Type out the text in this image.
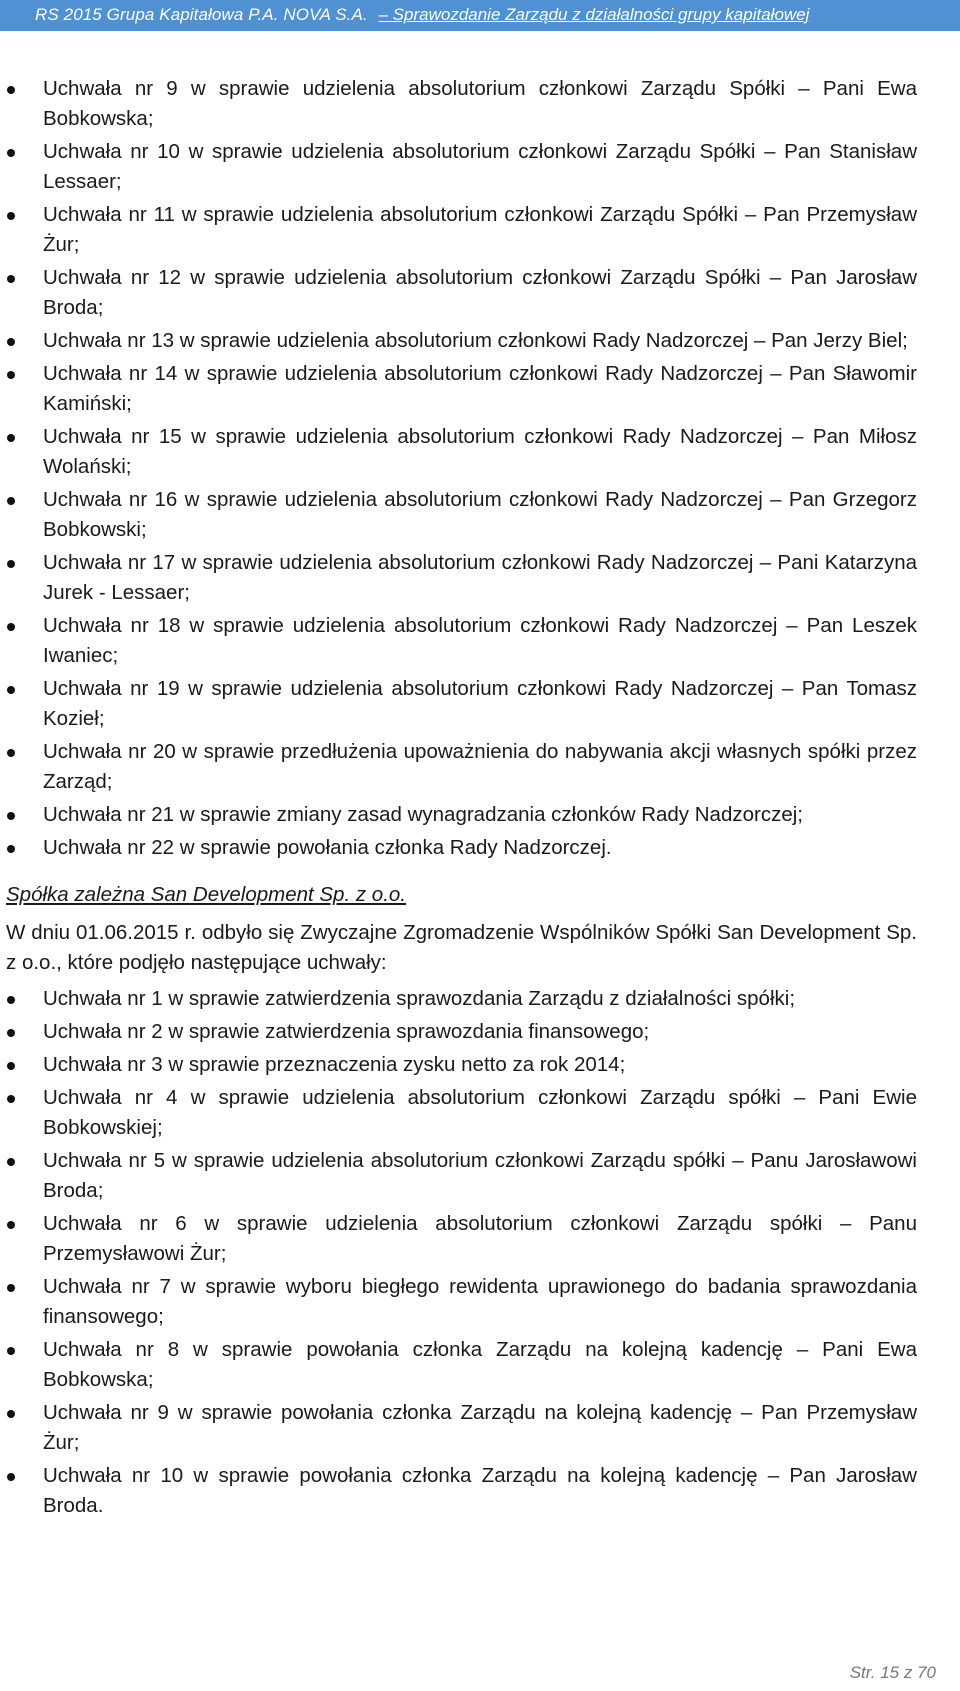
RS 2015 Grupa Kapitałowa P.A. NOVA S.A. – Sprawozdanie Zarządu z działalności grupy kapitałowej
Uchwała nr 9 w sprawie udzielenia absolutorium członkowi Zarządu Spółki – Pani Ewa Bobkowska;
Uchwała nr 10 w sprawie udzielenia absolutorium członkowi Zarządu Spółki – Pan Stanisław Lessaer;
Uchwała nr 11 w sprawie udzielenia absolutorium członkowi Zarządu Spółki – Pan Przemysław Żur;
Uchwała nr 12 w sprawie udzielenia absolutorium członkowi Zarządu Spółki – Pan Jarosław Broda;
Uchwała nr 13 w sprawie udzielenia absolutorium członkowi Rady Nadzorczej – Pan Jerzy Biel;
Uchwała nr 14 w sprawie udzielenia absolutorium członkowi Rady Nadzorczej – Pan Sławomir Kamiński;
Uchwała nr 15 w sprawie udzielenia absolutorium członkowi Rady Nadzorczej – Pan Miłosz Wolański;
Uchwała nr 16 w sprawie udzielenia absolutorium członkowi Rady Nadzorczej – Pan Grzegorz Bobkowski;
Uchwała nr 17 w sprawie udzielenia absolutorium członkowi Rady Nadzorczej – Pani Katarzyna Jurek - Lessaer;
Uchwała nr 18 w sprawie udzielenia absolutorium członkowi Rady Nadzorczej – Pan Leszek Iwaniec;
Uchwała nr 19 w sprawie udzielenia absolutorium członkowi Rady Nadzorczej – Pan Tomasz Kozieł;
Uchwała nr 20 w sprawie przedłużenia upoważnienia do nabywania akcji własnych spółki przez Zarząd;
Uchwała nr 21 w sprawie zmiany zasad wynagradzania członków Rady Nadzorczej;
Uchwała nr 22 w sprawie powołania członka Rady Nadzorczej.
Spółka zależna San Development Sp. z o.o.
W dniu 01.06.2015 r. odbyło się Zwyczajne Zgromadzenie Wspólników Spółki San Development Sp. z o.o., które podjęło następujące uchwały:
Uchwała nr 1 w sprawie zatwierdzenia sprawozdania Zarządu z działalności spółki;
Uchwała nr 2 w sprawie zatwierdzenia sprawozdania finansowego;
Uchwała nr 3 w sprawie przeznaczenia zysku netto za rok 2014;
Uchwała nr 4 w sprawie udzielenia absolutorium członkowi Zarządu spółki – Pani Ewie Bobkowskiej;
Uchwała nr 5 w sprawie udzielenia absolutorium członkowi Zarządu spółki – Panu Jarosławowi Broda;
Uchwała nr 6 w sprawie udzielenia absolutorium członkowi Zarządu spółki – Panu Przemysławowi Żur;
Uchwała nr 7 w sprawie wyboru biegłego rewidenta uprawionego do badania sprawozdania finansowego;
Uchwała nr 8 w sprawie powołania członka Zarządu na kolejną kadencję – Pani Ewa Bobkowska;
Uchwała nr 9 w sprawie powołania członka Zarządu na kolejną kadencję – Pan Przemysław Żur;
Uchwała nr 10 w sprawie powołania członka Zarządu na kolejną kadencję – Pan Jarosław Broda.
Str. 15 z 70
